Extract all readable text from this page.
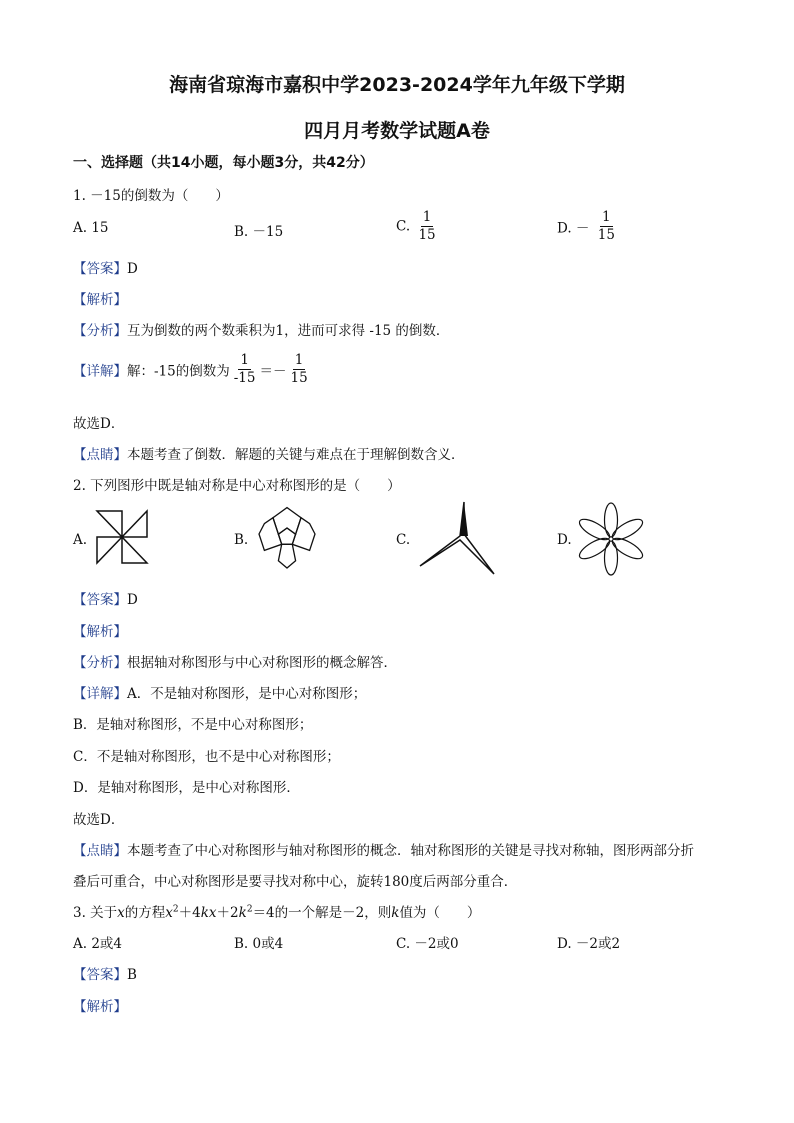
海南省琼海市嘉积中学2023-2024学年九年级下学期
四月月考数学试题A卷
一、选择题（共14小题，每小题3分，共42分）
1. －15的倒数为（　　）
A. 15	B. －15	C. $\frac{1}{15}$	D. － $\frac{1}{15}$
【答案】D
【解析】
【分析】互为倒数的两个数乘积为1，进而可求得 -15 的倒数．
【详解】解：-15的倒数为 $\frac{1}{-15} =- \frac{1}{15}$
故选D．
【点睛】本题考查了倒数．解题的关键与难点在于理解倒数含义．
2. 下列图形中既是轴对称是中心对称图形的是（　　）
A.	B.	C.	D.
【答案】D
【解析】
【分析】根据轴对称图形与中心对称图形的概念解答．
【详解】A．不是轴对称图形，是中心对称图形；
B．是轴对称图形，不是中心对称图形；
C．不是轴对称图形，也不是中心对称图形；
D．是轴对称图形，是中心对称图形．
故选D．
【点睛】本题考查了中心对称图形与轴对称图形的概念．轴对称图形的关键是寻找对称轴，图形两部分折
叠后可重合，中心对称图形是要寻找对称中心，旋转180度后两部分重合．
3. 关于x的方程$x^2+4kx+2k^2=4$的一个解是－2，则k值为（　　）
A. 2或4	B. 0或4	C. －2或0	D. －2或2
【答案】B
【解析】
